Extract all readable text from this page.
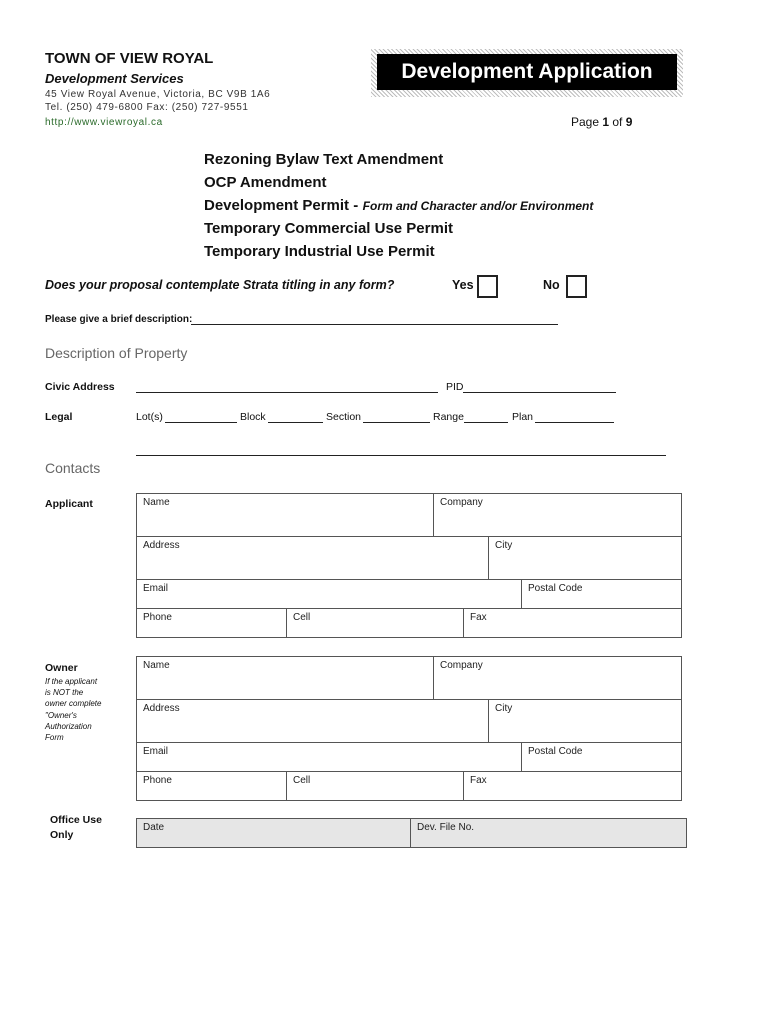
TOWN OF VIEW ROYAL
Development Services
45 View Royal Avenue, Victoria, BC V9B 1A6
Tel. (250) 479-6800 Fax: (250) 727-9551
http://www.viewroyal.ca
Development Application
Page 1 of 9
Rezoning Bylaw Text Amendment
OCP Amendment
Development Permit - Form and Character and/or Environment
Temporary Commercial Use Permit
Temporary Industrial Use Permit
Does your proposal contemplate Strata titling in any form?	Yes	No
Please give a brief description:
Description of Property
Civic Address	PID
Legal	Lot(s)	Block	Section	Range	Plan
Contacts
Applicant	Name	Company
Address	City
Email	Postal Code
Phone	Cell	Fax
Owner
If the applicant
is NOT the
owner complete
"Owner's
Authorization
Form
Name	Company
Address	City
Email	Postal Code
Phone	Cell	Fax
Office Use
Only
Date	Dev. File No.
